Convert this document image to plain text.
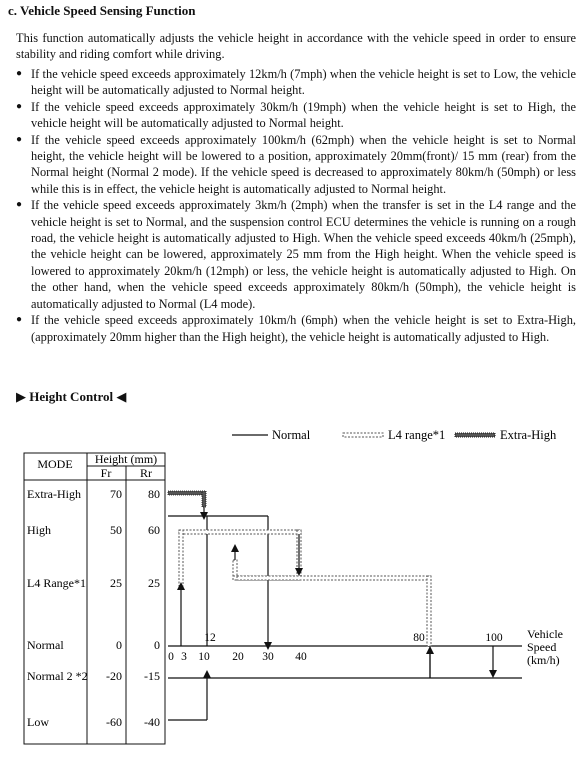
c. Vehicle Speed Sensing Function
This function automatically adjusts the vehicle height in accordance with the vehicle speed in order to ensure stability and riding comfort while driving.
● If the vehicle speed exceeds approximately 12km/h (7mph) when the vehicle height is set to Low, the vehicle height will be automatically adjusted to Normal height.
● If the vehicle speed exceeds approximately 30km/h (19mph) when the vehicle height is set to High, the vehicle height will be automatically adjusted to Normal height.
● If the vehicle speed exceeds approximately 100km/h (62mph) when the vehicle height is set to Normal height, the vehicle height will be lowered to a position, approximately 20mm(front)/ 15 mm (rear) from the Normal height (Normal 2 mode). If the vehicle speed is decreased to approximately 80km/h (50mph) or less while this is in effect, the vehicle height is automatically adjusted to Normal height.
● If the vehicle speed exceeds approximately 3km/h (2mph) when the transfer is set in the L4 range and the vehicle height is set to Normal, and the suspension control ECU determines the vehicle is running on a rough road, the vehicle height is automatically adjusted to High. When the vehicle speed exceeds 40km/h (25mph), the vehicle height can be lowered, approximately 25 mm from the High height. When the vehicle speed is lowered to approximately 20km/h (12mph) or less, the vehicle height is automatically adjusted to High. On the other hand, when the vehicle speed exceeds approximately 80km/h (50mph), the vehicle height is automatically adjusted to Normal (L4 mode).
● If the vehicle speed exceeds approximately 10km/h (6mph) when the vehicle height is set to Extra-High, (approximately 20mm higher than the High height), the vehicle height is automatically adjusted to High.
▶ Height Control ◀
Normal	L4 range*1	Extra-High
MODE Height (mm)
Fr Rr
Extra-High 70 80
High	50 60
L4 Range*1 25 25
Normal	0	0
Normal 2 *2 -20 -15
Low	-60 -40
12
0 3 10 20 30 40
80	100 Vehicle
Speed
(km/h)
